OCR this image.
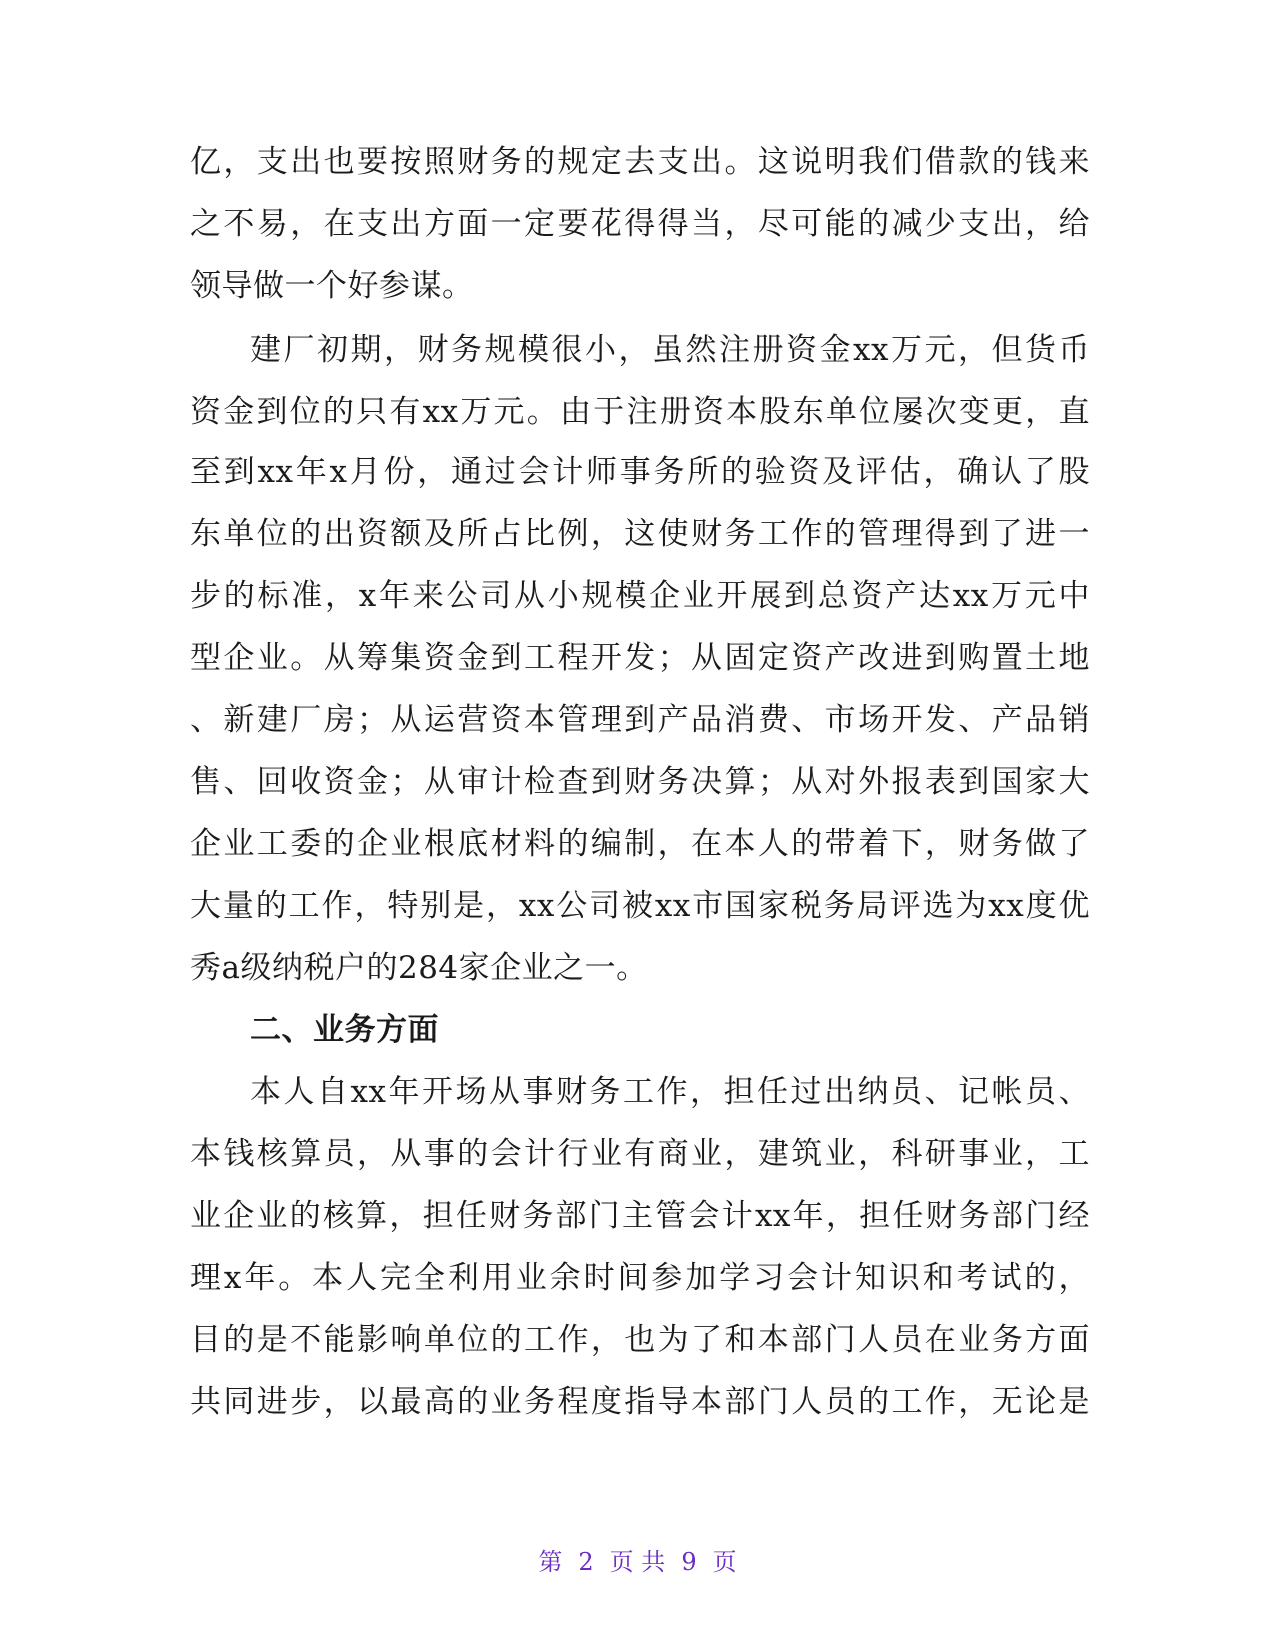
亿，支出也要按照财务的规定去支出。这说明我们借款的钱来
之不易，在支出方面一定要花得得当，尽可能的减少支出，给
领导做一个好参谋。
建厂初期，财务规模很小，虽然注册资金xx万元，但货币
资金到位的只有xx万元。由于注册资本股东单位屡次变更，直
至到xx年x月份，通过会计师事务所的验资及评估，确认了股
东单位的出资额及所占比例，这使财务工作的管理得到了进一
步的标准，x年来公司从小规模企业开展到总资产达xx万元中
型企业。从筹集资金到工程开发；从固定资产改进到购置土地
、新建厂房；从运营资本管理到产品消费、市场开发、产品销
售、回收资金；从审计检查到财务决算；从对外报表到国家大
企业工委的企业根底材料的编制，在本人的带着下，财务做了
大量的工作，特别是，xx公司被xx市国家税务局评选为xx度优
秀a级纳税户的284家企业之一。
二、业务方面
本人自xx年开场从事财务工作，担任过出纳员、记帐员、
本钱核算员，从事的会计行业有商业，建筑业，科研事业，工
业企业的核算，担任财务部门主管会计xx年，担任财务部门经
理x年。本人完全利用业余时间参加学习会计知识和考试的，
目的是不能影响单位的工作，也为了和本部门人员在业务方面
共同进步，以最高的业务程度指导本部门人员的工作，无论是
第 2 页 共 9 页
